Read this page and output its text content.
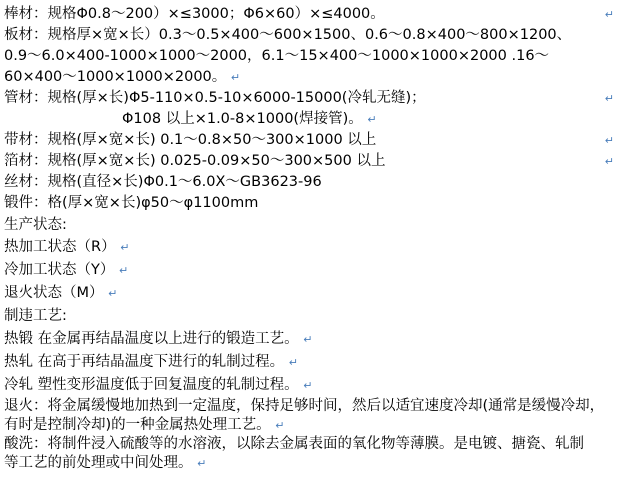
棒材： 规格Φ0.8～200）×≤3000；Φ6×60）×≤4000。	↵
板材： 规格厚×宽×长）0.3～0.5×400～600×1500、0.6～0.8×400～800×1200、
0.9～6.0×400-1000×1000～2000，6.1～15×400～1000×1000×2000 .16～
60×400～1000×1000×2000。 ↵
管材： 规格(厚×长)Φ5-110×0.5-10×6000-15000(冷轧无缝)；	↵
Φ108 以上×1.0-8×1000(焊接管)。 ↵
带材： 规格(厚×宽×长) 0.1～0.8×50～300×1000 以上	↵
箔材： 规格(厚×宽×长) 0.025-0.09×50～300×500 以上	↵
丝材： 规格(直径×长)Φ0.1～6.0X～GB3623-96
锻件： 格(厚×宽×长)φ50～φ1100mm
生产状态:
热加工状态（R） ↵
冷加工状态（Y） ↵
退火状态（M） ↵
制违工艺:
热锻 在金属再结晶温度以上进行的锻造工艺。 ↵
热轧 在高于再结晶温度下进行的轧制过程。 ↵
冷轧 塑性变形温度低于回复温度的轧制过程。 ↵
退火：将金属缓慢地加热到一定温度，保持足够时间，然后以适宜速度冷却(通常是缓慢冷却，
有时是控制冷却)的一种金属热处理工艺。 ↵
酸洗：将制件浸入硫酸等的水溶液，以除去金属表面的氧化物等薄膜。是电镀、搪瓷、轧制
等工艺的前处理或中间处理。 ↵
